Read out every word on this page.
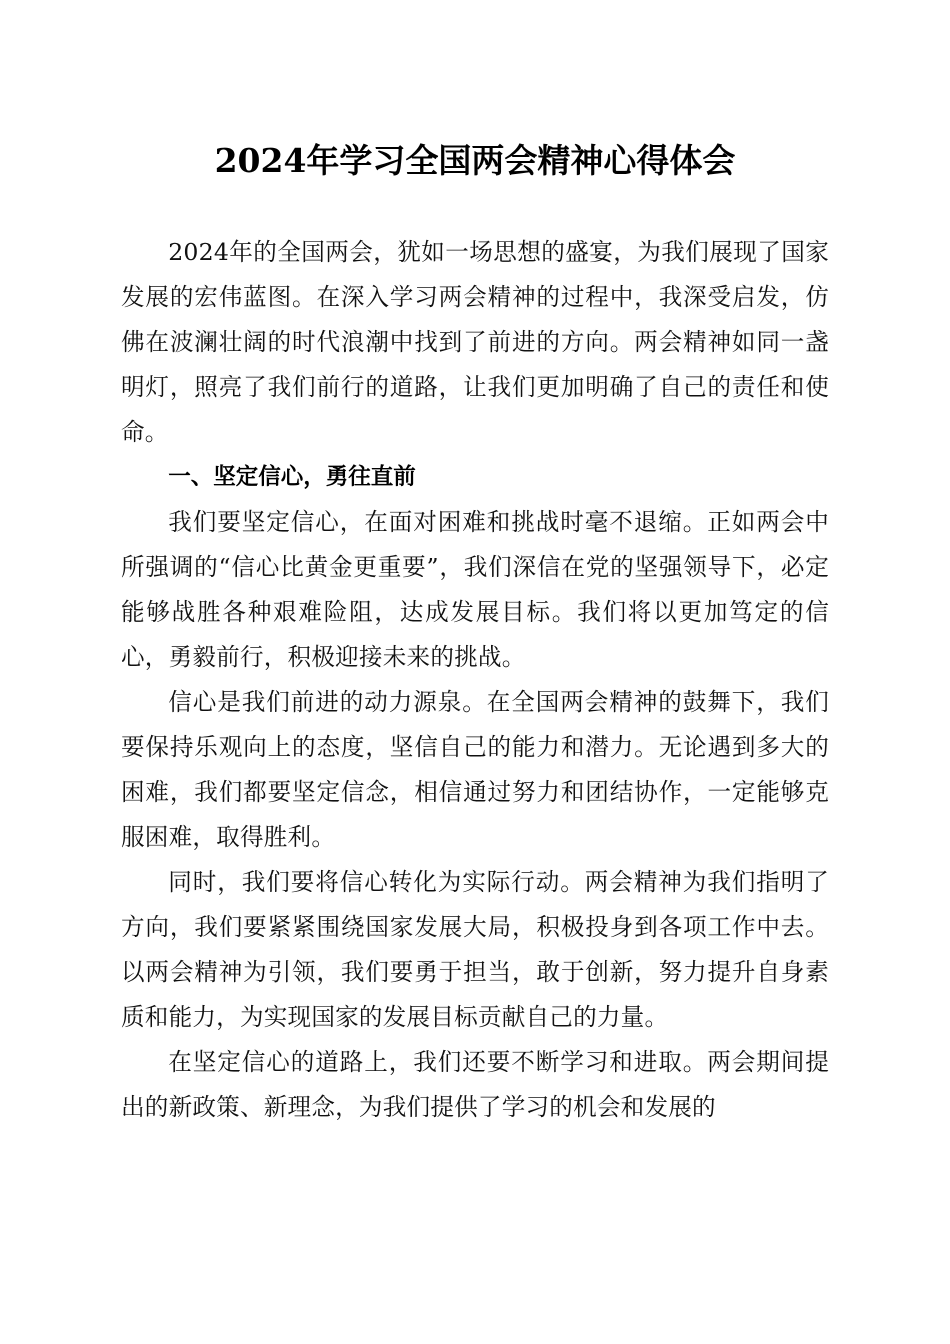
2024年学习全国两会精神心得体会

2024年的全国两会，犹如一场思想的盛宴，为我们展现了国家发展的宏伟蓝图。在深入学习两会精神的过程中，我深受启发，仿佛在波澜壮阔的时代浪潮中找到了前进的方向。两会精神如同一盏明灯，照亮了我们前行的道路，让我们更加明确了自己的责任和使命。

一、坚定信心，勇往直前

我们要坚定信心，在面对困难和挑战时毫不退缩。正如两会中所强调的“信心比黄金更重要”，我们深信在党的坚强领导下，必定能够战胜各种艰难险阻，达成发展目标。我们将以更加笃定的信心，勇毅前行，积极迎接未来的挑战。

信心是我们前进的动力源泉。在全国两会精神的鼓舞下，我们要保持乐观向上的态度，坚信自己的能力和潜力。无论遇到多大的困难，我们都要坚定信念，相信通过努力和团结协作，一定能够克服困难，取得胜利。

同时，我们要将信心转化为实际行动。两会精神为我们指明了方向，我们要紧紧围绕国家发展大局，积极投身到各项工作中去。以两会精神为引领，我们要勇于担当，敢于创新，努力提升自身素质和能力，为实现国家的发展目标贡献自己的力量。

在坚定信心的道路上，我们还要不断学习和进取。两会期间提出的新政策、新理念，为我们提供了学习的机会和发展的
